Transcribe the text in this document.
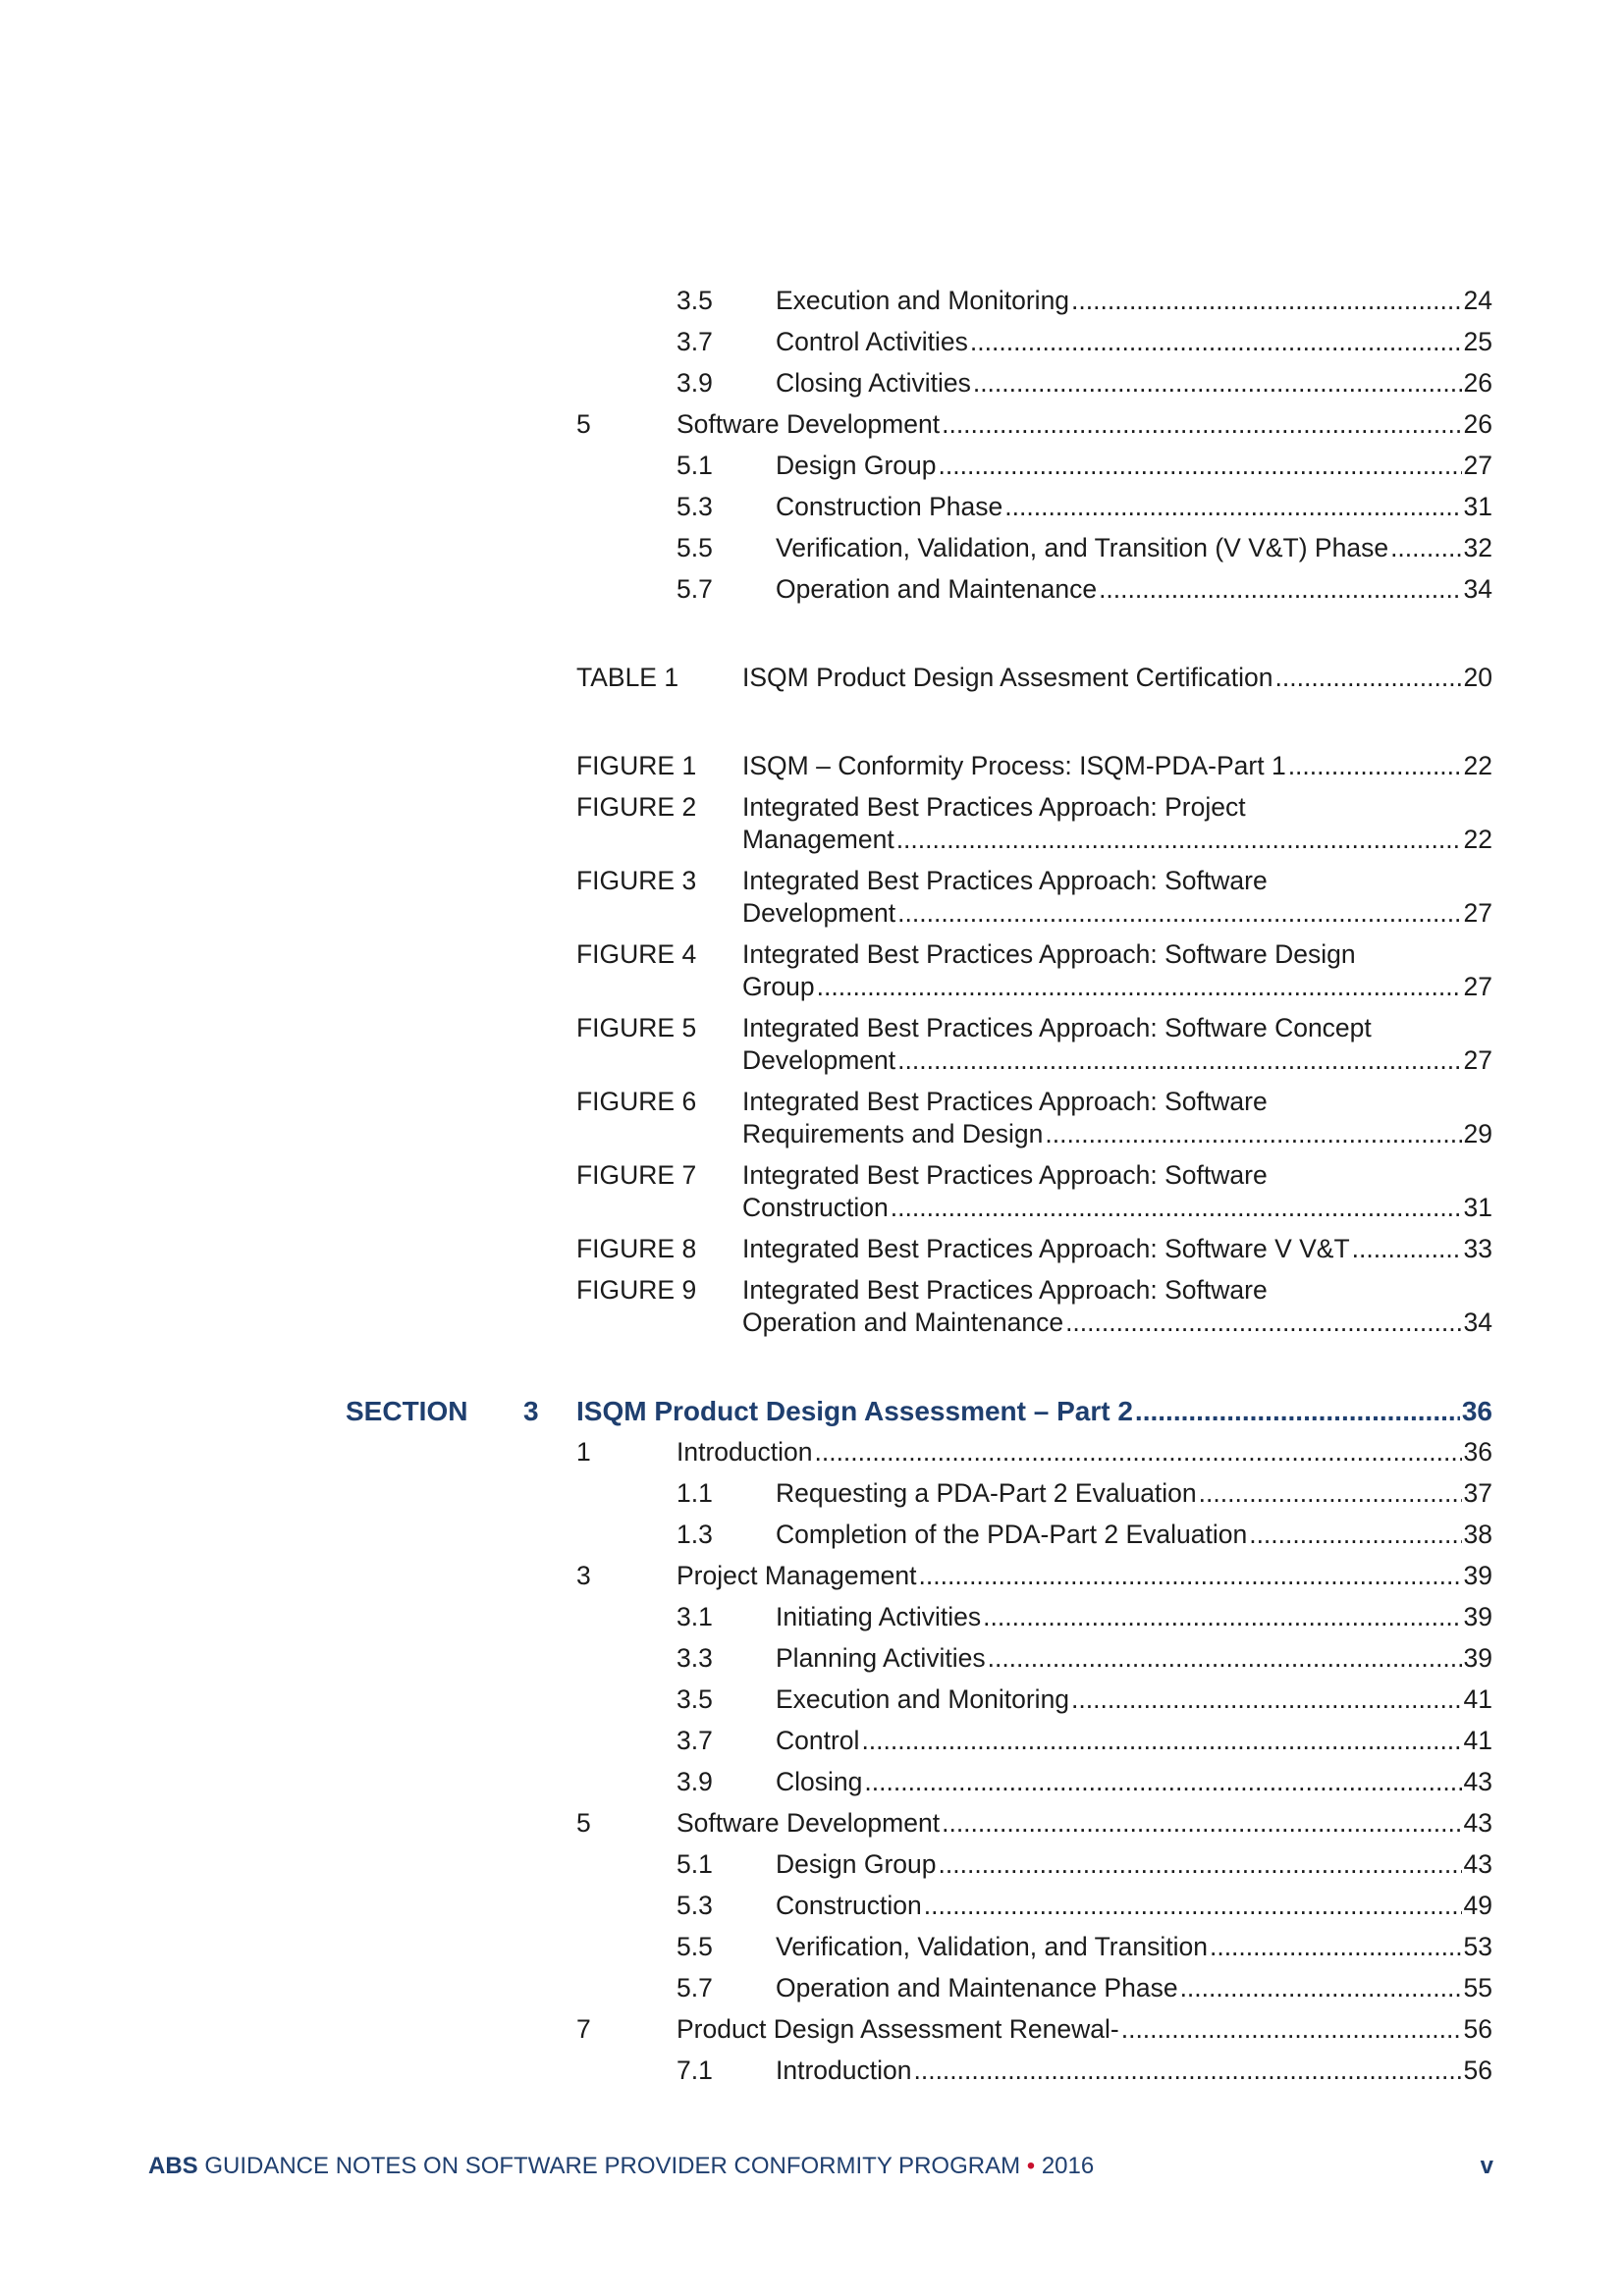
3.5 Execution and Monitoring .....	24
3.7 Control Activities .....	25
3.9 Closing Activities .....	26
5	Software Development .....	26
5.1 Design Group .....	27
5.3 Construction Phase .....	31
5.5 Verification, Validation, and Transition (V V&T) Phase .....	32
5.7 Operation and Maintenance .....	34
TABLE 1 ISQM Product Design Assesment Certification .....	20
FIGURE 1 ISQM – Conformity Process: ISQM-PDA-Part 1 .....	22
FIGURE 2 Integrated Best Practices Approach: Project
Management .....	22
FIGURE 3 Integrated Best Practices Approach: Software
Development .....	27
FIGURE 4 Integrated Best Practices Approach: Software Design
Group .....	27
FIGURE 5 Integrated Best Practices Approach: Software Concept
Development .....	27
FIGURE 6 Integrated Best Practices Approach: Software
Requirements and Design .....	29
FIGURE 7 Integrated Best Practices Approach: Software
Construction .....	31
FIGURE 8 Integrated Best Practices Approach: Software V V&T .....	33
FIGURE 9 Integrated Best Practices Approach: Software
Operation and Maintenance .....	34
SECTION 3 ISQM Product Design Assessment – Part 2 .....	36
1	Introduction .....	36
1.1 Requesting a PDA-Part 2 Evaluation .....	37
1.3 Completion of the PDA-Part 2 Evaluation .....	38
3	Project Management .....	39
3.1 Initiating Activities .....	39
3.3 Planning Activities .....	39
3.5 Execution and Monitoring .....	41
3.7 Control .....	41
3.9 Closing .....	43
5	Software Development .....	43
5.1 Design Group .....	43
5.3 Construction .....	49
5.5 Verification, Validation, and Transition .....	53
5.7 Operation and Maintenance Phase .....	55
7	Product Design Assessment Renewal- .....	56
7.1 Introduction .....	56
ABS GUIDANCE NOTES ON SOFTWARE PROVIDER CONFORMITY PROGRAM • 2016	v
